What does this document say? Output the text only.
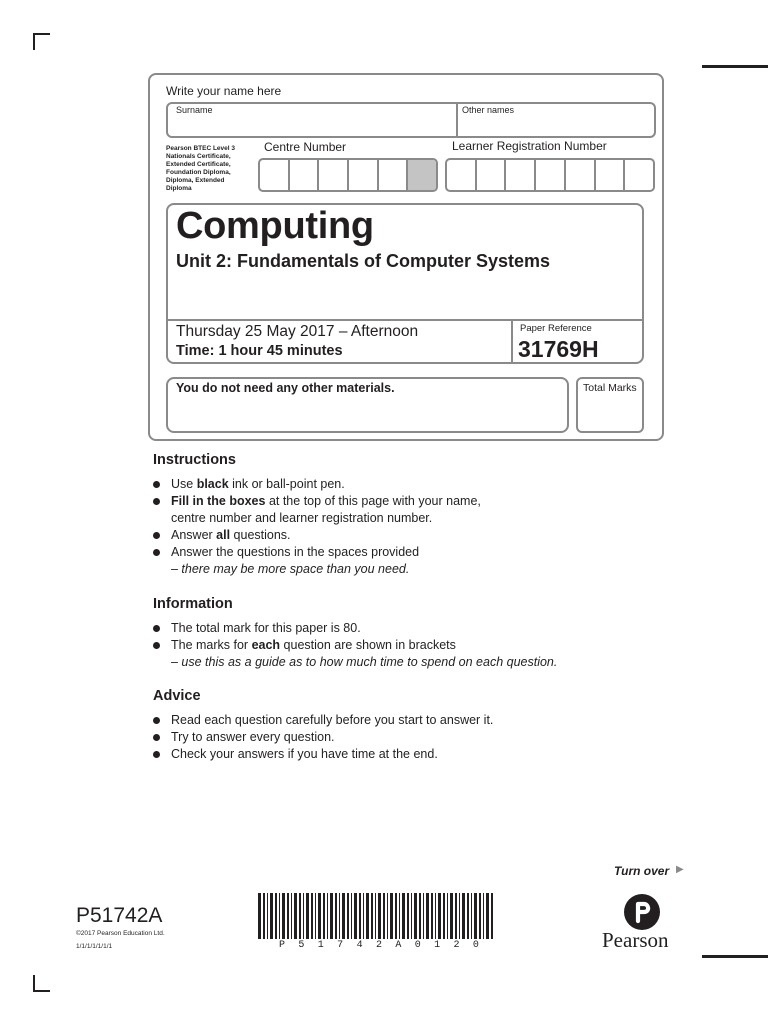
Write your name here
Surname	Other names
Pearson BTEC Level 3
Nationals Certificate,
Extended Certificate,
Foundation Diploma,
Diploma, Extended
Diploma
Centre Number	Learner Registration Number
Computing
Unit 2: Fundamentals of Computer Systems
Thursday 25 May 2017 – Afternoon
Time: 1 hour 45 minutes
Paper Reference
31769H
You do not need any other materials.	Total Marks
Instructions
Use black ink or ball-point pen.
Fill in the boxes at the top of this page with your name,
centre number and learner registration number.
Answer all questions.
Answer the questions in the spaces provided
– there may be more space than you need.
Information
The total mark for this paper is 80.
The marks for each question are shown in brackets
– use this as a guide as to how much time to spend on each question.
Advice
Read each question carefully before you start to answer it.
Try to answer every question.
Check your answers if you have time at the end.
Turn over ▶
P51742A
©2017 Pearson Education Ltd.
1/1/1/1/1/1/1	P 5 1 7 4 2 A 0 1 2 0	Pearson
